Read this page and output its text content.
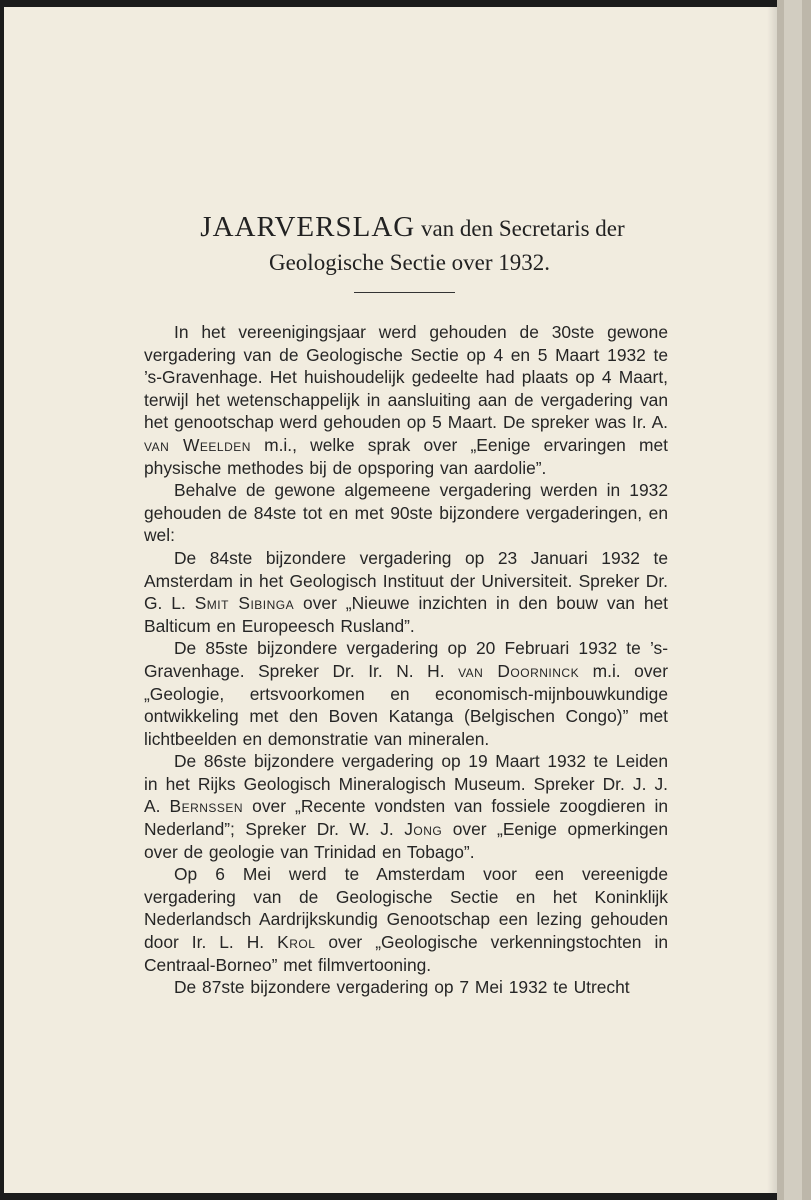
JAARVERSLAG van den Secretaris der
Geologische Sectie over 1932.

In het vereenigingsjaar werd gehouden de 30ste gewone vergadering van de Geologische Sectie op 4 en 5 Maart 1932 te ’s-Gravenhage. Het huishoudelijk gedeelte had plaats op 4 Maart, terwijl het wetenschappelijk in aansluiting aan de vergadering van het genootschap werd gehouden op 5 Maart. De spreker was Ir. A. van Weelden m.i., welke sprak over „Eenige ervaringen met physische methodes bij de opsporing van aardolie”.

Behalve de gewone algemeene vergadering werden in 1932 gehouden de 84ste tot en met 90ste bijzondere vergaderingen, en wel:

De 84ste bijzondere vergadering op 23 Januari 1932 te Amsterdam in het Geologisch Instituut der Universiteit. Spreker Dr. G. L. Smit Sibinga over „Nieuwe inzichten in den bouw van het Balticum en Europeesch Rusland”.

De 85ste bijzondere vergadering op 20 Februari 1932 te ’s-Gravenhage. Spreker Dr. Ir. N. H. van Doorninck m.i. over „Geologie, ertsvoorkomen en economisch-mijnbouwkundige ontwikkeling met den Boven Katanga (Belgischen Congo)” met lichtbeelden en demonstratie van mineralen.

De 86ste bijzondere vergadering op 19 Maart 1932 te Leiden in het Rijks Geologisch Mineralogisch Museum. Spreker Dr. J. J. A. Bernssen over „Recente vondsten van fossiele zoogdieren in Nederland”; Spreker Dr. W. J. Jong over „Eenige opmerkingen over de geologie van Trinidad en Tobago”.

Op 6 Mei werd te Amsterdam voor een vereenigde vergadering van de Geologische Sectie en het Koninklijk Nederlandsch Aardrijkskundig Genootschap een lezing gehouden door Ir. L. H. Krol over „Geologische verkenningstochten in Centraal-Borneo” met filmvertooning.

De 87ste bijzondere vergadering op 7 Mei 1932 te Utrecht
